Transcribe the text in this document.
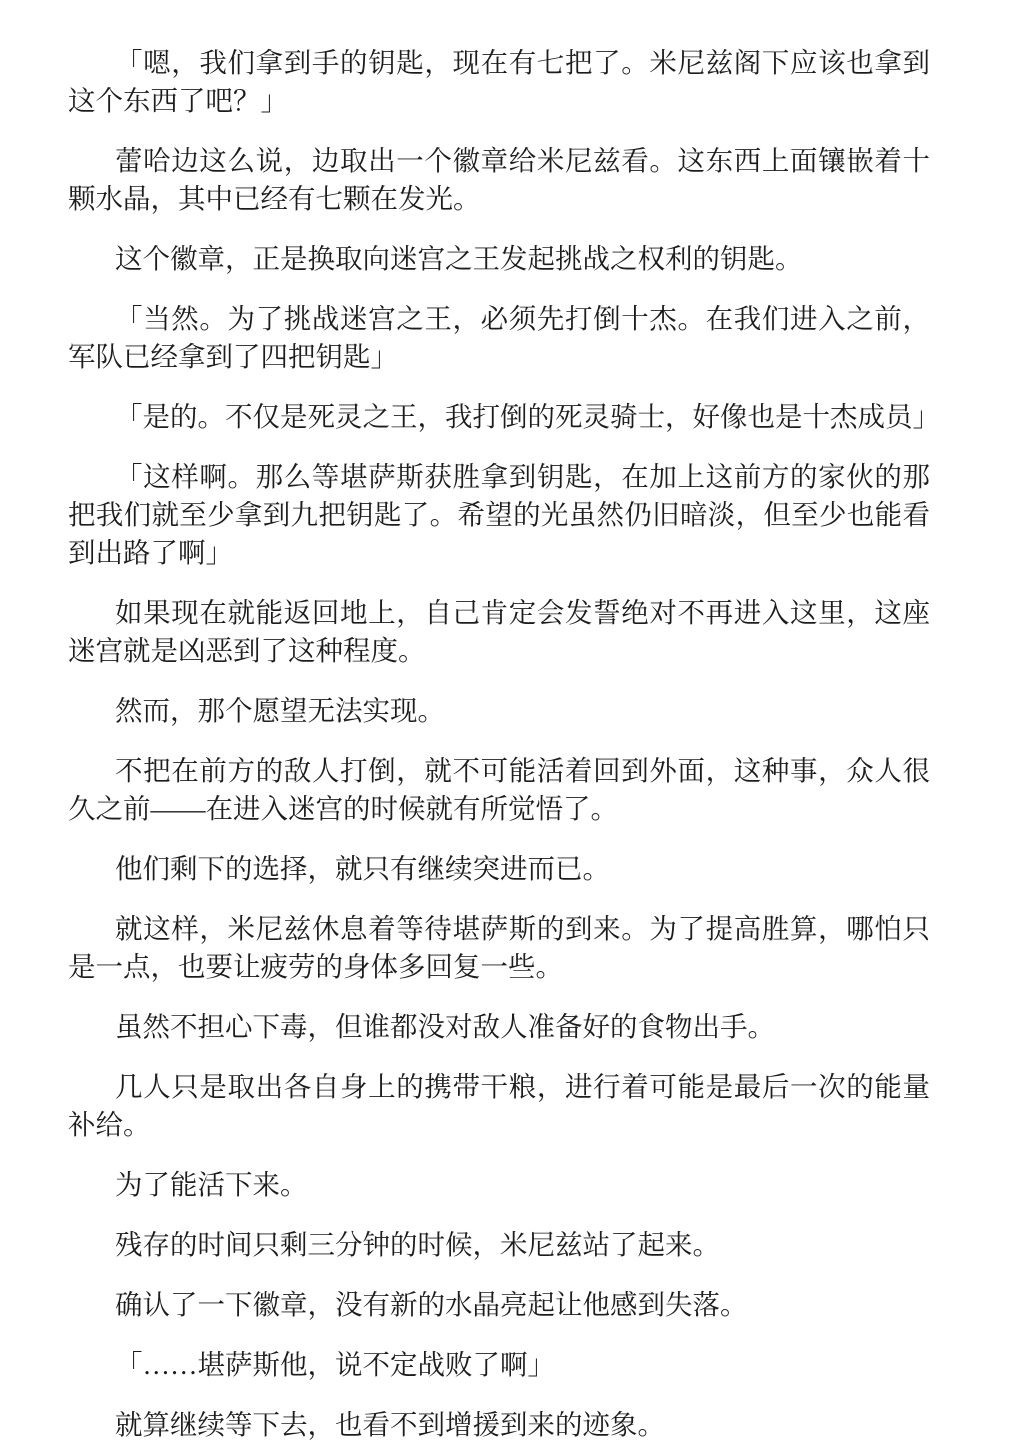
「嗯，我们拿到手的钥匙，现在有七把了。米尼兹阁下应该也拿到这个东西了吧？」

蕾哈边这么说，边取出一个徽章给米尼兹看。这东西上面镶嵌着十颗水晶，其中已经有七颗在发光。

这个徽章，正是换取向迷宫之王发起挑战之权利的钥匙。

「当然。为了挑战迷宫之王，必须先打倒十杰。在我们进入之前，军队已经拿到了四把钥匙」

「是的。不仅是死灵之王，我打倒的死灵骑士，好像也是十杰成员」

「这样啊。那么等堪萨斯获胜拿到钥匙，在加上这前方的家伙的那把我们就至少拿到九把钥匙了。希望的光虽然仍旧暗淡，但至少也能看到出路了啊」

如果现在就能返回地上，自己肯定会发誓绝对不再进入这里，这座迷宫就是凶恶到了这种程度。

然而，那个愿望无法实现。

不把在前方的敌人打倒，就不可能活着回到外面，这种事，众人很久之前——在进入迷宫的时候就有所觉悟了。

他们剩下的选择，就只有继续突进而已。

就这样，米尼兹休息着等待堪萨斯的到来。为了提高胜算，哪怕只是一点，也要让疲劳的身体多回复一些。

虽然不担心下毒，但谁都没对敌人准备好的食物出手。

几人只是取出各自身上的携带干粮，进行着可能是最后一次的能量补给。

为了能活下来。

残存的时间只剩三分钟的时候，米尼兹站了起来。

确认了一下徽章，没有新的水晶亮起让他感到失落。

「……堪萨斯他，说不定战败了啊」

就算继续等下去，也看不到增援到来的迹象。
